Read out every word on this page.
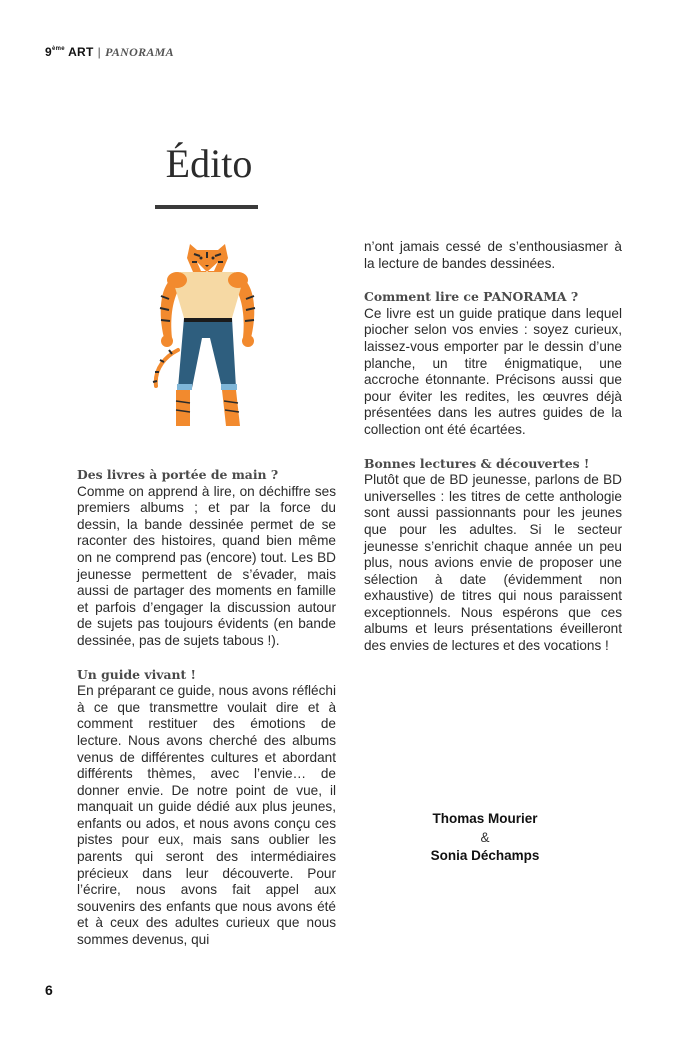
9ème ART | PANORAMA
Édito
Des livres à portée de main ?

Comme on apprend à lire, on déchiffre ses premiers albums ; et par la force du dessin, la bande dessinée permet de se raconter des histoires, quand bien même on ne comprend pas (encore) tout. Les BD jeunesse permettent de s’évader, mais aussi de partager des moments en famille et parfois d’engager la discussion autour de sujets pas toujours évidents (en bande dessinée, pas de sujets tabous !).

Un guide vivant !

En préparant ce guide, nous avons réfléchi à ce que transmettre voulait dire et à comment restituer des émotions de lecture. Nous avons cherché des albums venus de différentes cultures et abordant différents thèmes, avec l’envie… de donner envie. De notre point de vue, il manquait un guide dédié aux plus jeunes, enfants ou ados, et nous avons conçu ces pistes pour eux, mais sans oublier les parents qui seront des intermédiaires précieux dans leur découverte. Pour l’écrire, nous avons fait appel aux souvenirs des enfants que nous avons été et à ceux des adultes curieux que nous sommes devenus, qui

n’ont jamais cessé de s’enthousiasmer à la lecture de bandes dessinées.

Comment lire ce PANORAMA ?

Ce livre est un guide pratique dans lequel piocher selon vos envies : soyez curieux, laissez-vous emporter par le dessin d’une planche, un titre énigmatique, une accroche étonnante. Précisons aussi que pour éviter les redites, les œuvres déjà présentées dans les autres guides de la collection ont été écartées.

Bonnes lectures & découvertes !

Plutôt que de BD jeunesse, parlons de BD universelles : les titres de cette anthologie sont aussi passionnants pour les jeunes que pour les adultes. Si le secteur jeunesse s’enrichit chaque année un peu plus, nous avions envie de proposer une sélection à date (évidemment non exhaustive) de titres qui nous paraissent exceptionnels. Nous espérons que ces albums et leurs présentations éveilleront des envies de lectures et des vocations !

Thomas Mourier
&
Sonia Déchamps
6
